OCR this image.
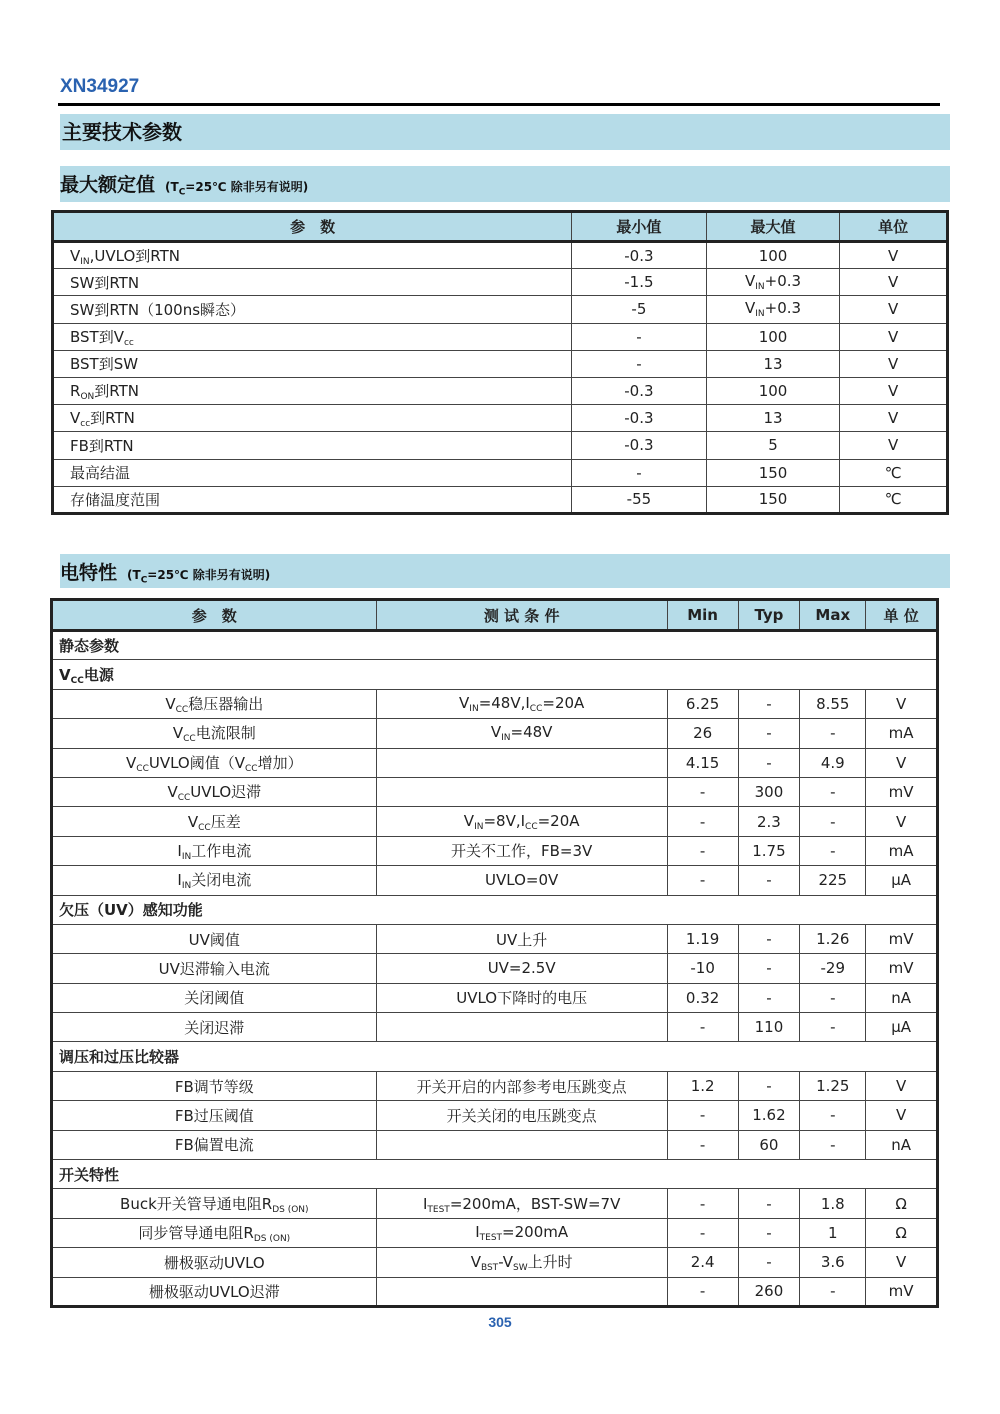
XN34927
主要技术参数
最大额定值 ($T_C=25℃$ 除非另有说明)
参　数	最小值	最大值	单位
$V_{IN},UVLO$到RTN	-0.3	100	V
SW到RTN	-1.5	$V_{IN}+0.3$	V
SW到RTN（100ns瞬态）	-5	$V_{IN}+0.3$	V
BST到$V_{cc}$	-	100	V
BST到SW	-	13	V
$R_{ON}$到RTN	-0.3	100	V
$V_{cc}$到RTN	-0.3	13	V
FB到RTN	-0.3	5	V
最高结温	-	150	℃
存储温度范围	-55	150	℃
电特性 ($T_C=25℃$ 除非另有说明)
参　数	测 试 条 件	Min	Typ	Max	单 位
静态参数					
$V_{CC}$电源					
$V_{CC}$稳压器输出	$V_{IN}=48V,I_{CC}=20A$	6.25	-	8.55	V
$V_{CC}$电流限制	$V_{IN}=48V$	26	-	-	mA
$V_{CC}UVLO$阈值（$V_{CC}$增加）		4.15	-	4.9	V
$V_{CC}UVLO$迟滞		-	300	-	mV
$V_{CC}$压差	$V_{IN}=8V,I_{CC}=20A$	-	2.3	-	V
$I_{IN}$工作电流	开关不工作，FB=3V	-	1.75	-	mA
$I_{IN}$关闭电流	UVLO=0V	-	-	225	μA
欠压（UV）感知功能					
UV阈值	UV上升	1.19	-	1.26	mV
UV迟滞输入电流	UV=2.5V	-10	-	-29	mV
关闭阈值	UVLO下降时的电压	0.32	-	-	nA
关闭迟滞		-	110	-	μA
调压和过压比较器					
FB调节等级	开关开启的内部参考电压跳变点	1.2	-	1.25	V
FB过压阈值	开关关闭的电压跳变点	-	1.62	-	V
FB偏置电流		-	60	-	nA
开关特性					
Buck开关管导通电阻$R_{DS (ON)}$	$I_{TEST}=200mA$，BST-SW=7V	-	-	1.8	Ω
同步管导通电阻$R_{DS (ON)}$	$I_{TEST}=200mA$	-	-	1	Ω
栅极驱动UVLO	$V_{BST}-V_{SW}$上升时	2.4	-	3.6	V
栅极驱动UVLO迟滞		-	260	-	mV
305
